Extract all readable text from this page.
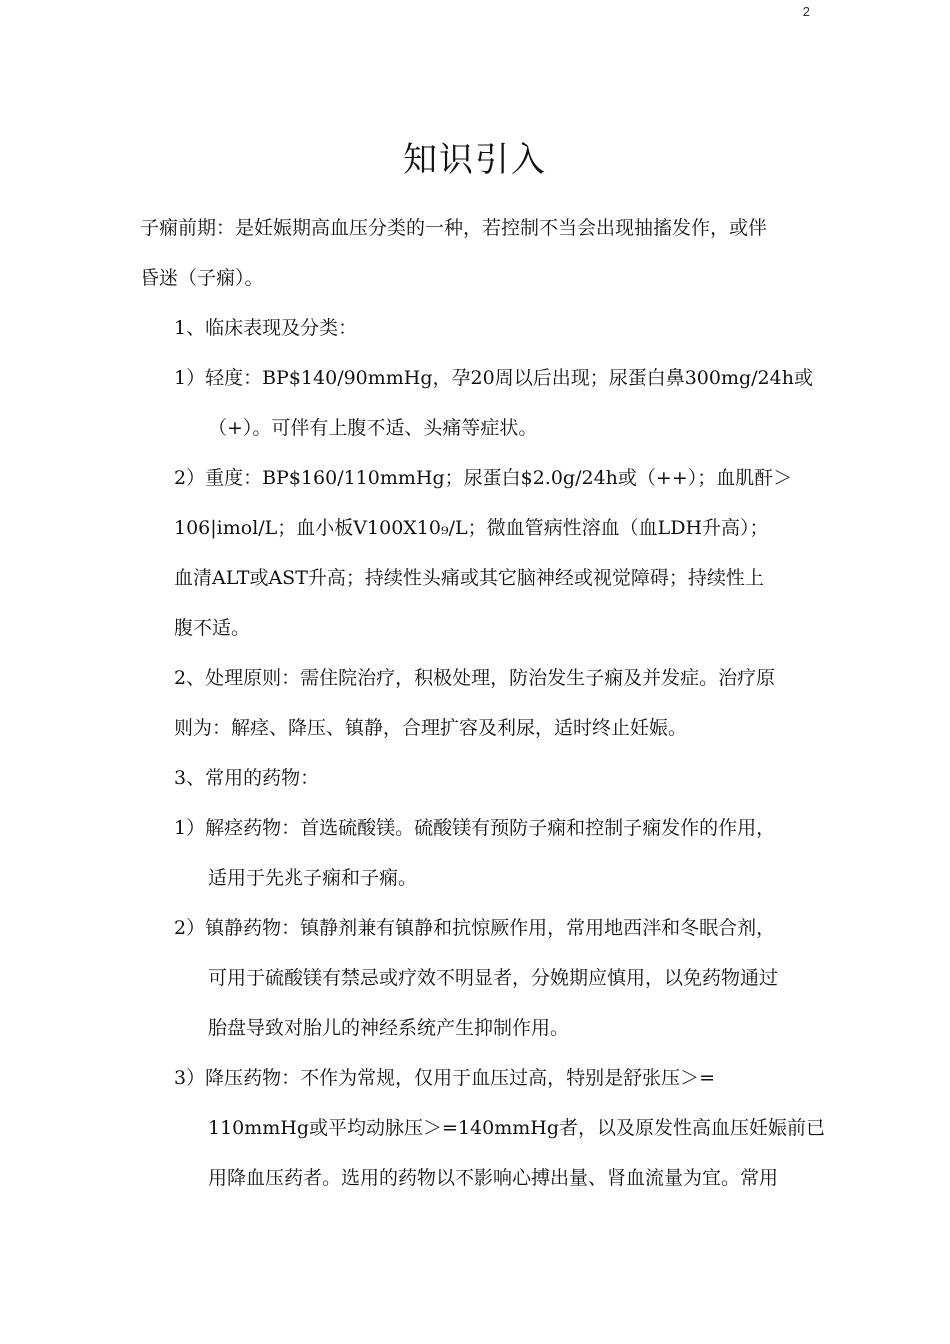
2
知识引入
子痫前期：是妊娠期高血压分类的一种，若控制不当会出现抽搐发作，或伴
昏迷（子痫）。
1、临床表现及分类：
1）轻度：BP$140/90mmHg，孕20周以后出现；尿蛋白鼻300mg/24h或
（+）。可伴有上腹不适、头痛等症状。
2）重度：BP$160/110mmHg；尿蛋白$2.0g/24h或（++）；血肌酐＞
106|imol/L；血小板V100X10₉/L；微血管病性溶血（血LDH升高）；
血清ALT或AST升高；持续性头痛或其它脑神经或视觉障碍；持续性上
腹不适。
2、处理原则：需住院治疗，积极处理，防治发生子痫及并发症。治疗原
则为：解痉、降压、镇静，合理扩容及利尿，适时终止妊娠。
3、常用的药物：
1）解痉药物：首选硫酸镁。硫酸镁有预防子痫和控制子痫发作的作用，
适用于先兆子痫和子痫。
2）镇静药物：镇静剂兼有镇静和抗惊厥作用，常用地西泮和冬眠合剂，
可用于硫酸镁有禁忌或疗效不明显者，分娩期应慎用，以免药物通过
胎盘导致对胎儿的神经系统产生抑制作用。
3）降压药物：不作为常规，仅用于血压过高，特别是舒张压＞=
110mmHg或平均动脉压＞=140mmHg者，以及原发性高血压妊娠前已
用降血压药者。选用的药物以不影响心搏出量、肾血流量为宜。常用
